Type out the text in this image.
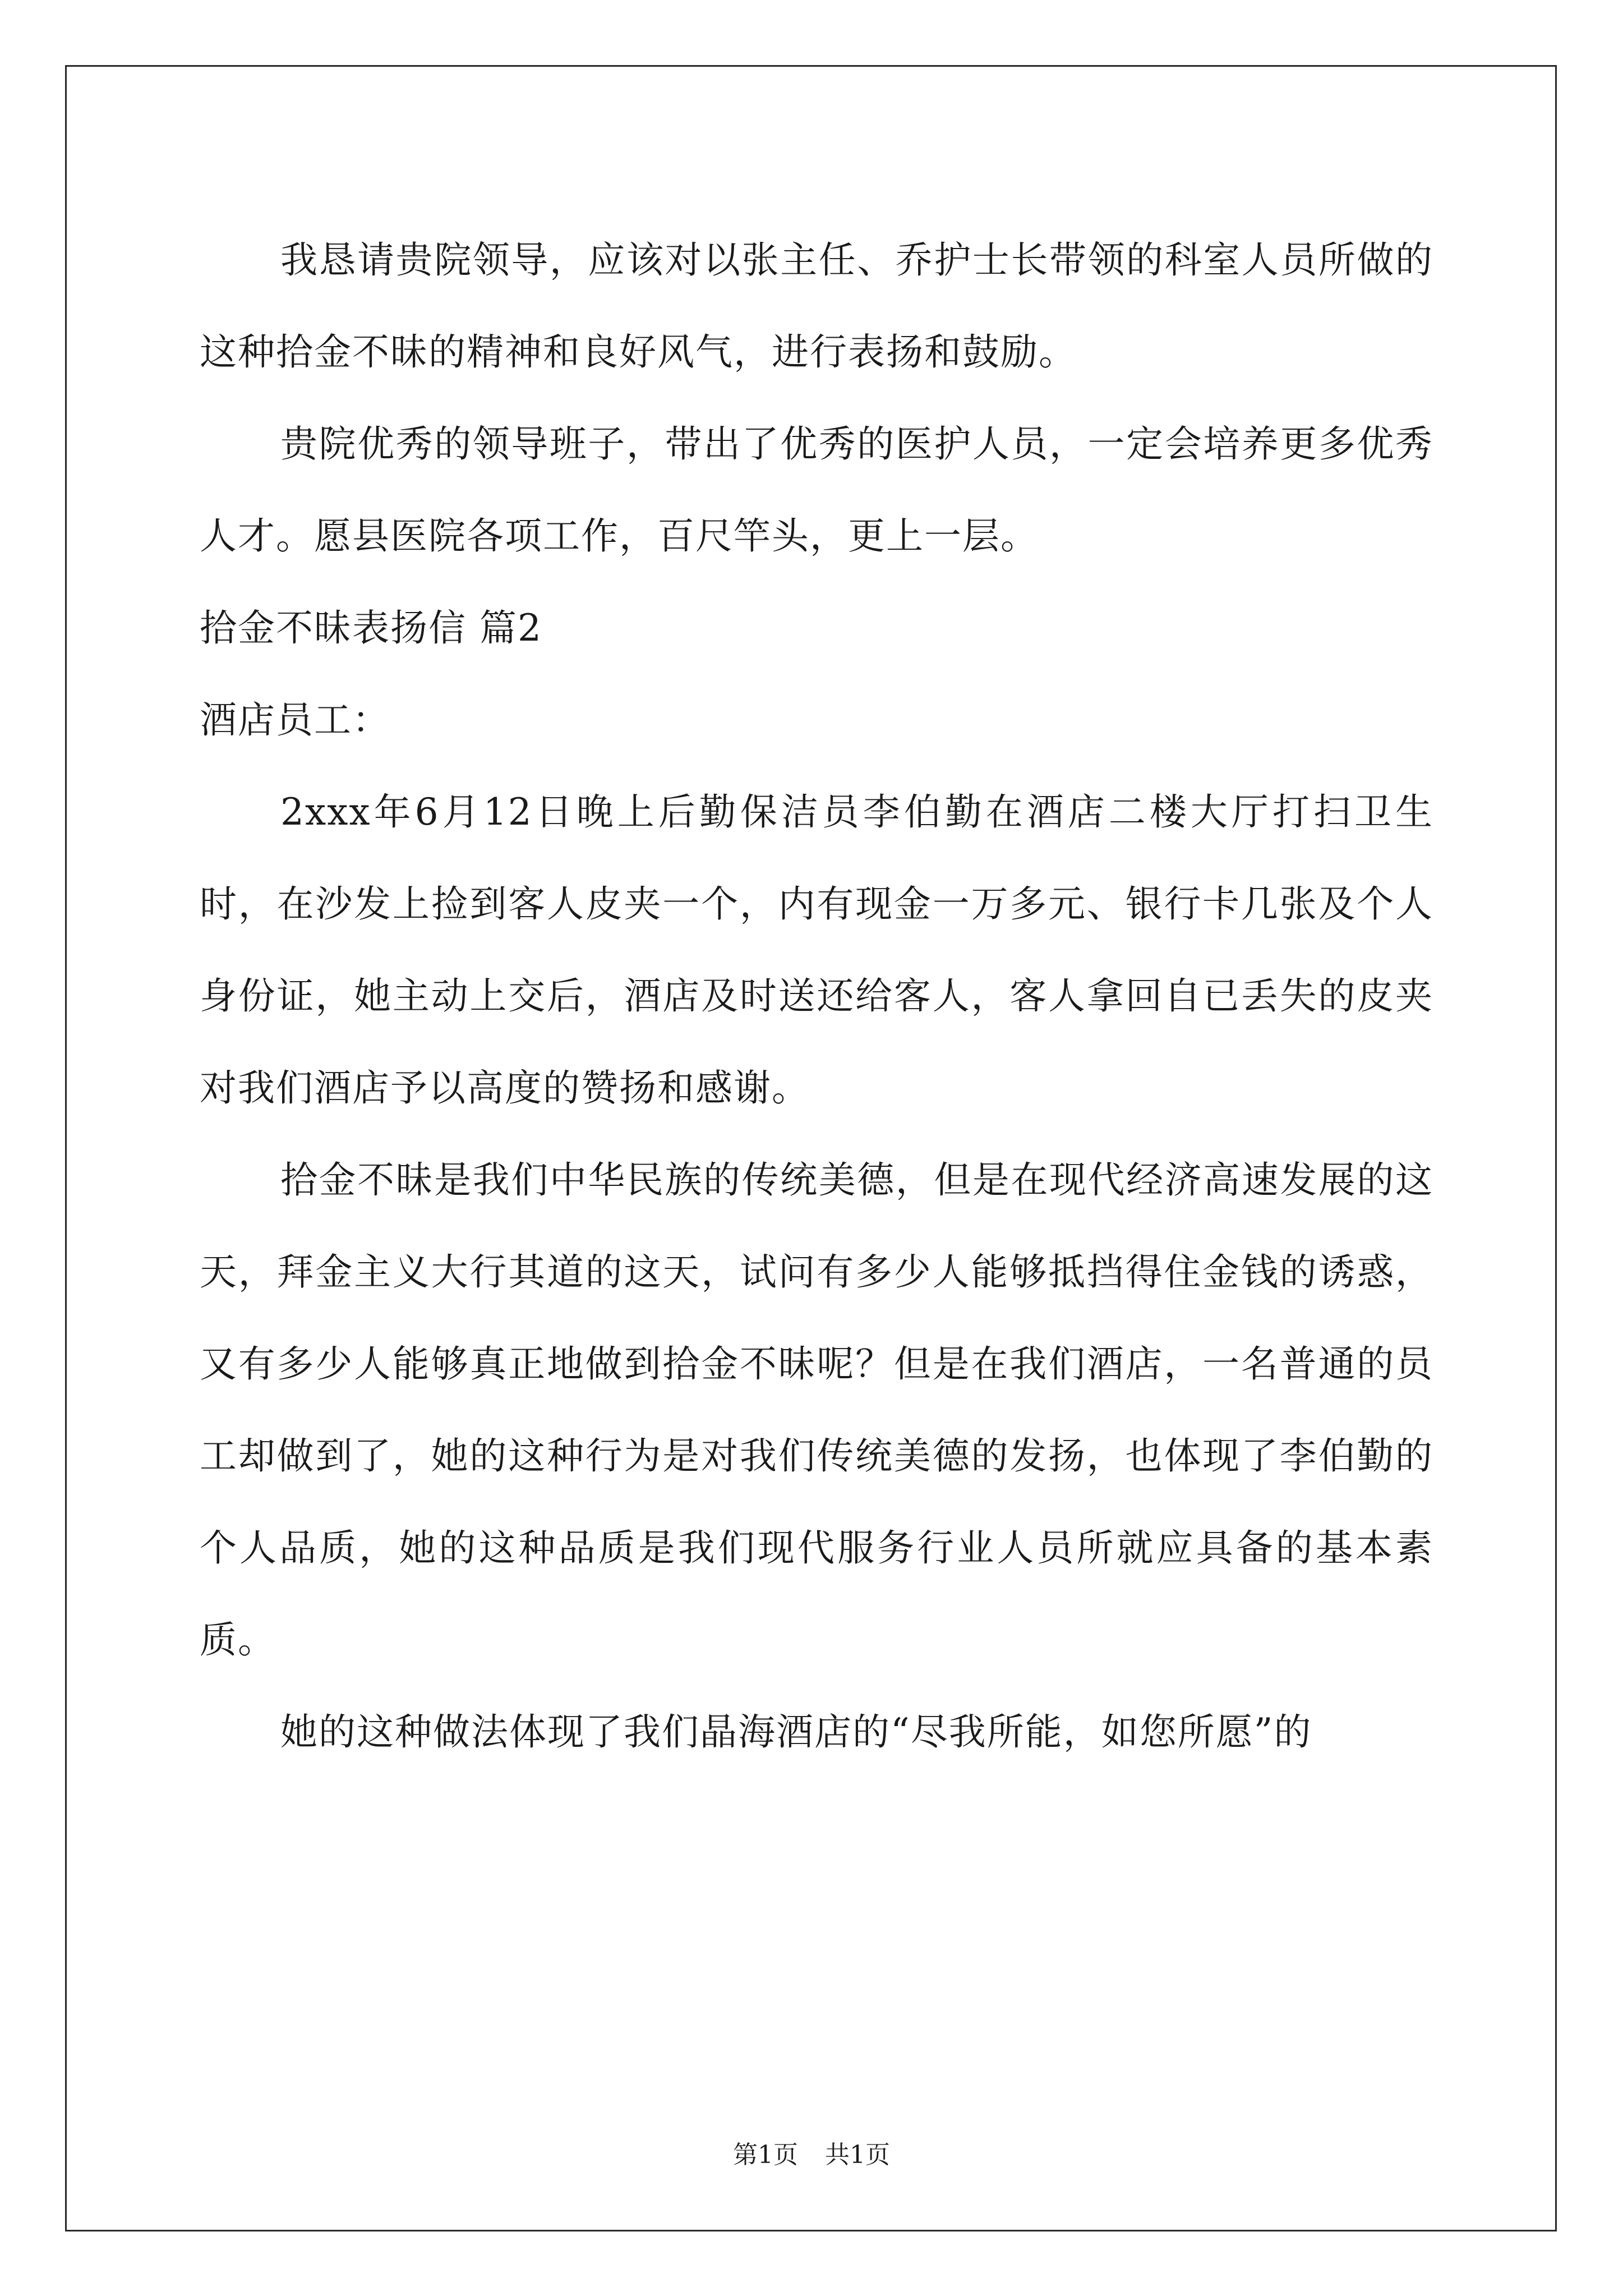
我恳请贵院领导，应该对以张主任、乔护士长带领的科室人员所做的这种拾金不昧的精神和良好风气，进行表扬和鼓励。

贵院优秀的领导班子，带出了优秀的医护人员，一定会培养更多优秀人才。愿县医院各项工作，百尺竿头，更上一层。

拾金不昧表扬信 篇2

酒店员工：

2xxx年6月12日晚上后勤保洁员李伯勤在酒店二楼大厅打扫卫生时，在沙发上捡到客人皮夹一个，内有现金一万多元、银行卡几张及个人身份证，她主动上交后，酒店及时送还给客人，客人拿回自已丢失的皮夹对我们酒店予以高度的赞扬和感谢。

拾金不昧是我们中华民族的传统美德，但是在现代经济高速发展的这天，拜金主义大行其道的这天，试问有多少人能够抵挡得住金钱的诱惑，又有多少人能够真正地做到拾金不昧呢？但是在我们酒店，一名普通的员工却做到了，她的这种行为是对我们传统美德的发扬，也体现了李伯勤的个人品质，她的这种品质是我们现代服务行业人员所就应具备的基本素质。

她的这种做法体现了我们晶海酒店的“尽我所能，如您所愿”的

第1页 共1页
